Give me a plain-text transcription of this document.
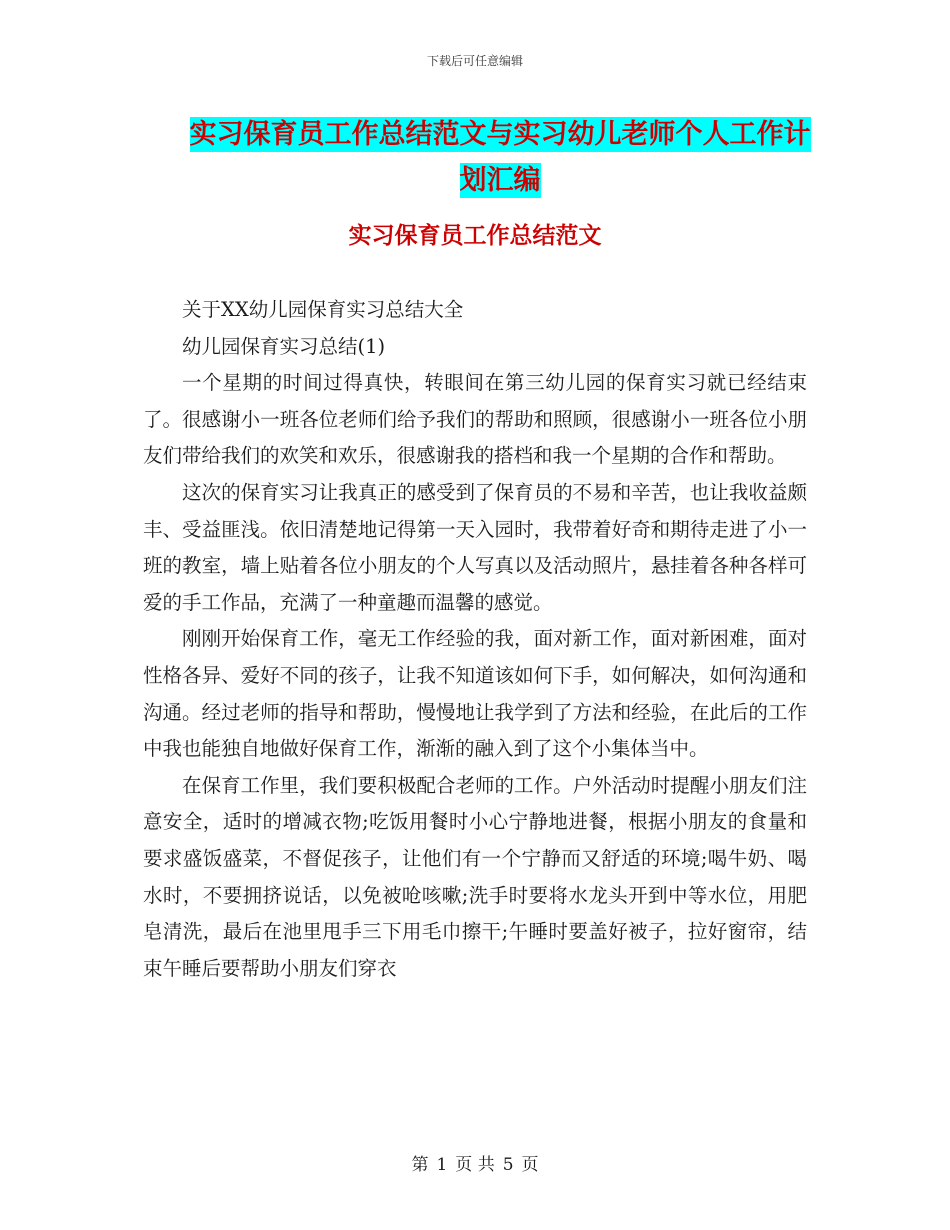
下载后可任意编辑
实习保育员工作总结范文与实习幼儿老师个人工作计
划汇编
实习保育员工作总结范文

关于XX幼儿园保育实习总结大全

幼儿园保育实习总结(1)

一个星期的时间过得真快，转眼间在第三幼儿园的保育实习就已经结束了。很感谢小一班各位老师们给予我们的帮助和照顾，很感谢小一班各位小朋友们带给我们的欢笑和欢乐，很感谢我的搭档和我一个星期的合作和帮助。

这次的保育实习让我真正的感受到了保育员的不易和辛苦，也让我收益颇丰、受益匪浅。依旧清楚地记得第一天入园时，我带着好奇和期待走进了小一班的教室，墙上贴着各位小朋友的个人写真以及活动照片，悬挂着各种各样可爱的手工作品，充满了一种童趣而温馨的感觉。

刚刚开始保育工作，毫无工作经验的我，面对新工作，面对新困难，面对性格各异、爱好不同的孩子，让我不知道该如何下手，如何解决，如何沟通和沟通。经过老师的指导和帮助，慢慢地让我学到了方法和经验，在此后的工作中我也能独自地做好保育工作，渐渐的融入到了这个小集体当中。

在保育工作里，我们要积极配合老师的工作。户外活动时提醒小朋友们注意安全，适时的增减衣物;吃饭用餐时小心宁静地进餐，根据小朋友的食量和要求盛饭盛菜，不督促孩子，让他们有一个宁静而又舒适的环境;喝牛奶、喝水时，不要拥挤说话，以免被呛咳嗽;洗手时要将水龙头开到中等水位，用肥皂清洗，最后在池里甩手三下用毛巾擦干;午睡时要盖好被子，拉好窗帘，结束午睡后要帮助小朋友们穿衣

第 1 页 共 5 页
